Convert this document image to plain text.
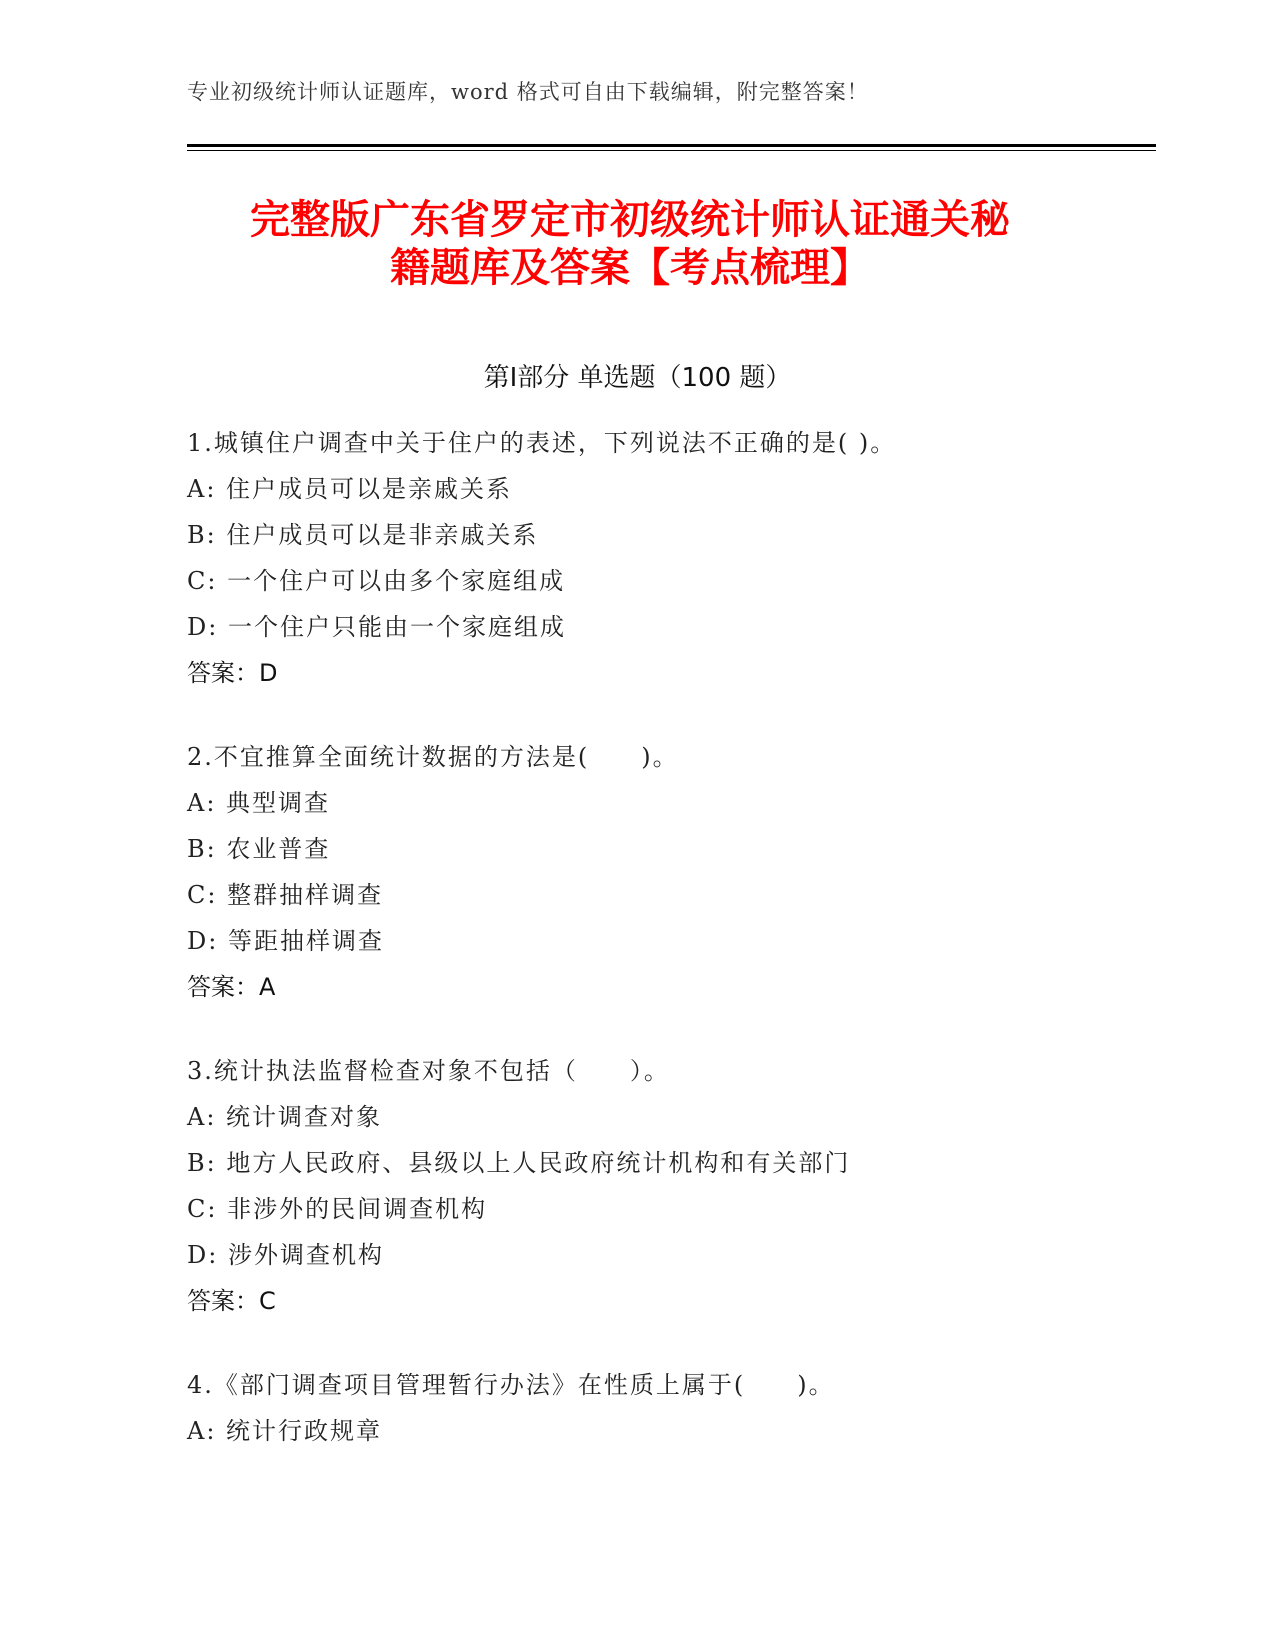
专业初级统计师认证题库，word 格式可自由下载编辑，附完整答案！
完整版广东省罗定市初级统计师认证通关秘
籍题库及答案【考点梳理】
第Ⅰ部分 单选题（100 题）
1.城镇住户调查中关于住户的表述，下列说法不正确的是( )。
A: 住户成员可以是亲戚关系
B: 住户成员可以是非亲戚关系
C: 一个住户可以由多个家庭组成
D: 一个住户只能由一个家庭组成
答案：D
2.不宜推算全面统计数据的方法是(　　)。
A: 典型调查
B: 农业普查
C: 整群抽样调查
D: 等距抽样调查
答案：A
3.统计执法监督检查对象不包括（　　）。
A: 统计调查对象
B: 地方人民政府、县级以上人民政府统计机构和有关部门
C: 非涉外的民间调查机构
D: 涉外调查机构
答案：C
4.《部门调查项目管理暂行办法》在性质上属于(　　)。
A: 统计行政规章
